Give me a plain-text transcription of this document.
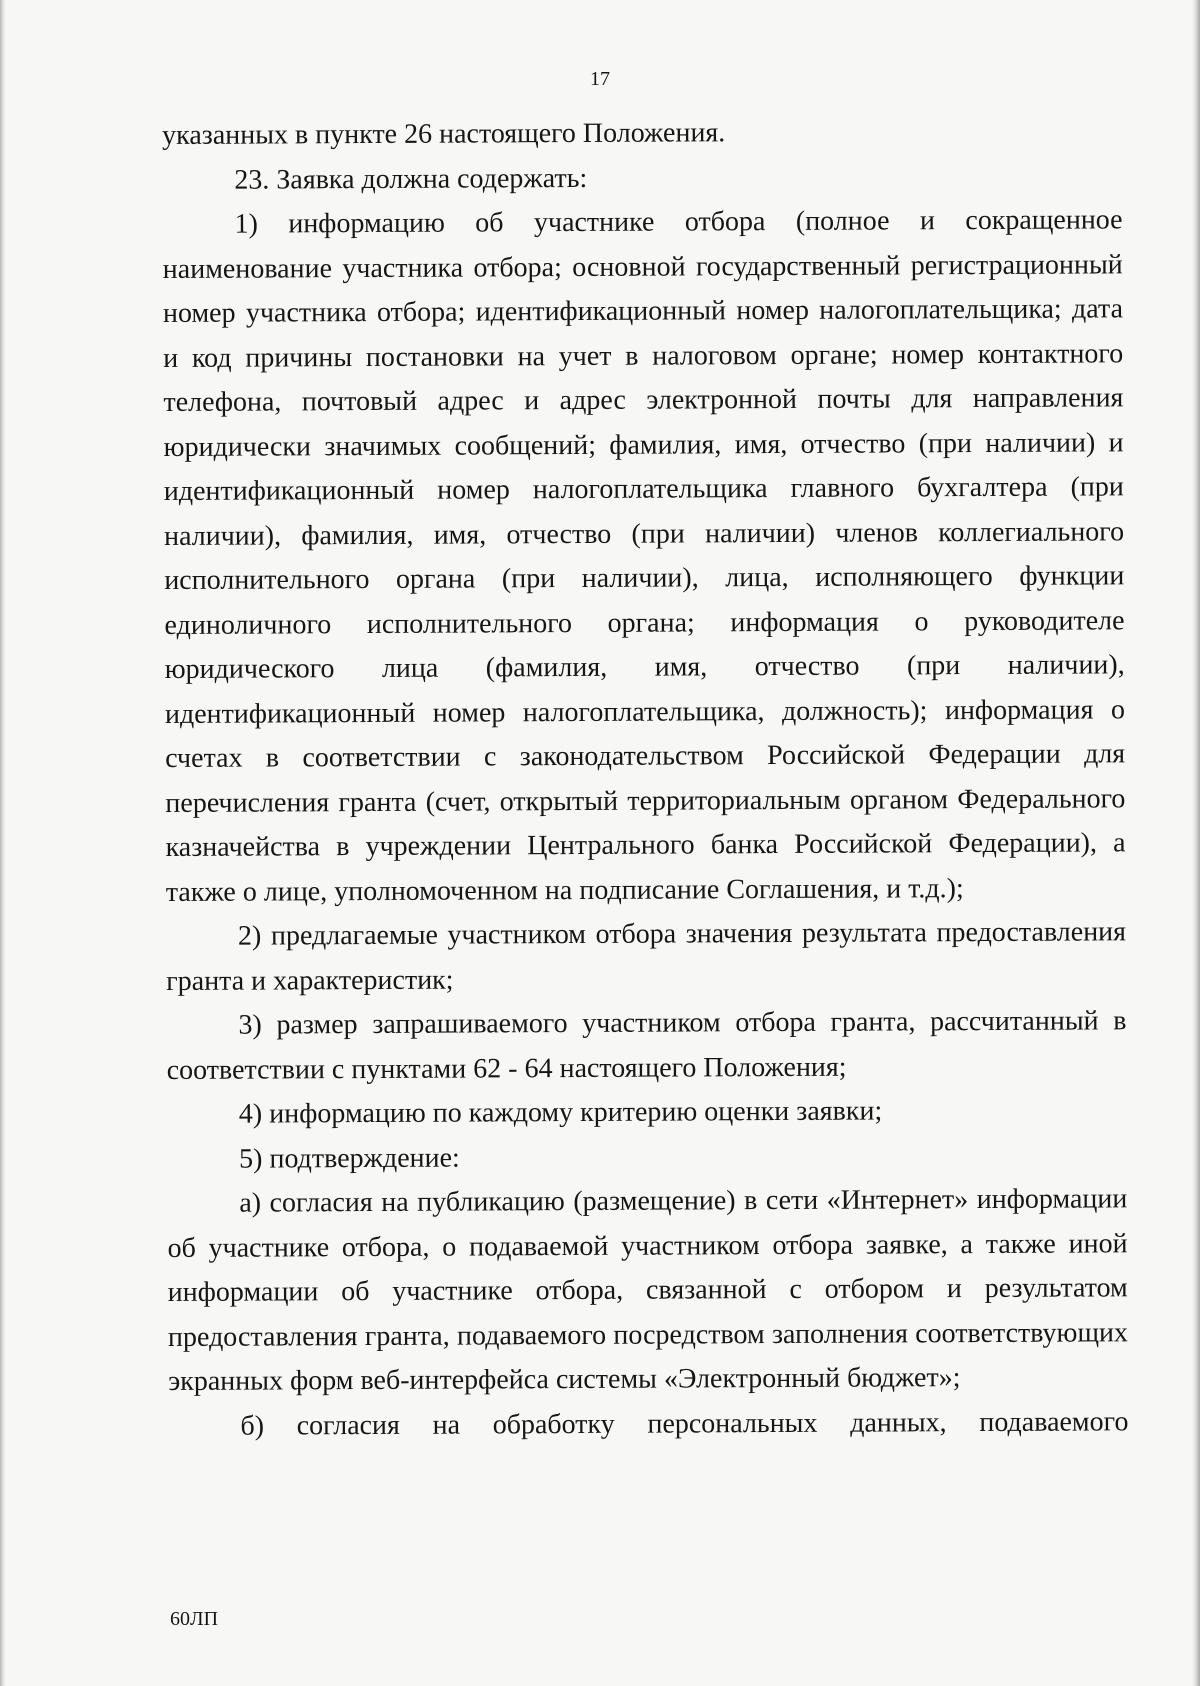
17

указанных в пункте 26 настоящего Положения.

23. Заявка должна содержать:

1) информацию об участнике отбора (полное и сокращенное наименование участника отбора; основной государственный регистрационный номер участника отбора; идентификационный номер налогоплательщика; дата и код причины постановки на учет в налоговом органе; номер контактного телефона, почтовый адрес и адрес электронной почты для направления юридически значимых сообщений; фамилия, имя, отчество (при наличии) и идентификационный номер налогоплательщика главного бухгалтера (при наличии), фамилия, имя, отчество (при наличии) членов коллегиального исполнительного органа (при наличии), лица, исполняющего функции единоличного исполнительного органа; информация о руководителе юридического лица (фамилия, имя, отчество (при наличии), идентификационный номер налогоплательщика, должность); информация о счетах в соответствии с законодательством Российской Федерации для перечисления гранта (счет, открытый территориальным органом Федерального казначейства в учреждении Центрального банка Российской Федерации), а также о лице, уполномоченном на подписание Соглашения, и т.д.);

2) предлагаемые участником отбора значения результата предоставления гранта и характеристик;

3) размер запрашиваемого участником отбора гранта, рассчитанный в соответствии с пунктами 62 - 64 настоящего Положения;

4) информацию по каждому критерию оценки заявки;

5) подтверждение:

а) согласия на публикацию (размещение) в сети «Интернет» информации об участнике отбора, о подаваемой участником отбора заявке, а также иной информации об участнике отбора, связанной с отбором и результатом предоставления гранта, подаваемого посредством заполнения соответствующих экранных форм веб-интерфейса системы «Электронный бюджет»;

б) согласия на обработку персональных данных, подаваемого

60ЛП
